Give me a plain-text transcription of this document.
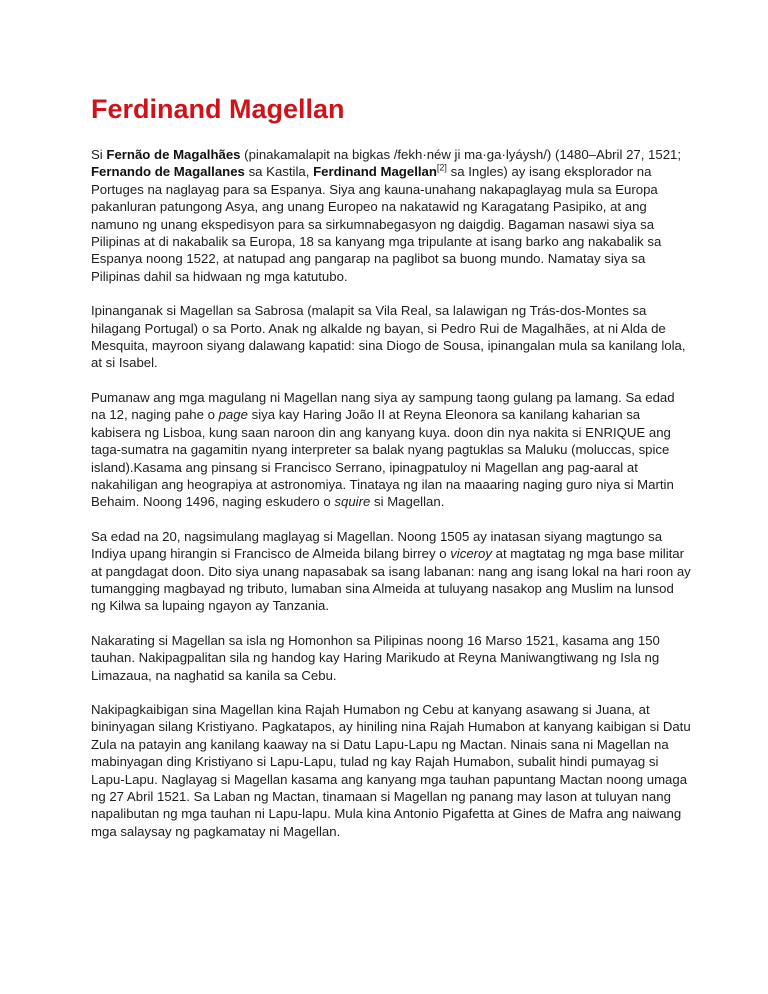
Ferdinand Magellan

Si Fernão de Magalhães (pinakamalapit na bigkas /fekh·néw ji ma·ga·lyáysh/) (1480–Abril 27, 1521; Fernando de Magallanes sa Kastila, Ferdinand Magellan[2] sa Ingles) ay isang eksplorador na Portuges na naglayag para sa Espanya. Siya ang kauna-unahang nakapaglayag mula sa Europa pakanluran patungong Asya, ang unang Europeo na nakatawid ng Karagatang Pasipiko, at ang namuno ng unang ekspedisyon para sa sirkumnabegasyon ng daigdig. Bagaman nasawi siya sa Pilipinas at di nakabalik sa Europa, 18 sa kanyang mga tripulante at isang barko ang nakabalik sa Espanya noong 1522, at natupad ang pangarap na paglibot sa buong mundo. Namatay siya sa Pilipinas dahil sa hidwaan ng mga katutubo.

Ipinanganak si Magellan sa Sabrosa (malapit sa Vila Real, sa lalawigan ng Trás-dos-Montes sa hilagang Portugal) o sa Porto. Anak ng alkalde ng bayan, si Pedro Rui de Magalhães, at ni Alda de Mesquita, mayroon siyang dalawang kapatid: sina Diogo de Sousa, ipinangalan mula sa kanilang lola, at si Isabel.

Pumanaw ang mga magulang ni Magellan nang siya ay sampung taong gulang pa lamang. Sa edad na 12, naging pahe o page siya kay Haring João II at Reyna Eleonora sa kanilang kaharian sa kabisera ng Lisboa, kung saan naroon din ang kanyang kuya. doon din nya nakita si ENRIQUE ang taga-sumatra na gagamitin nyang interpreter sa balak nyang pagtuklas sa Maluku (moluccas, spice island).Kasama ang pinsang si Francisco Serrano, ipinagpatuloy ni Magellan ang pag-aaral at nakahiligan ang heograpiya at astronomiya. Tinataya ng ilan na maaaring naging guro niya si Martin Behaim. Noong 1496, naging eskudero o squire si Magellan.

Sa edad na 20, nagsimulang maglayag si Magellan. Noong 1505 ay inatasan siyang magtungo sa Indiya upang hirangin si Francisco de Almeida bilang birrey o viceroy at magtatag ng mga base militar at pangdagat doon. Dito siya unang napasabak sa isang labanan: nang ang isang lokal na hari roon ay tumangging magbayad ng tributo, lumaban sina Almeida at tuluyang nasakop ang Muslim na lunsod ng Kilwa sa lupaing ngayon ay Tanzania.

Nakarating si Magellan sa isla ng Homonhon sa Pilipinas noong 16 Marso 1521, kasama ang 150 tauhan. Nakipagpalitan sila ng handog kay Haring Marikudo at Reyna Maniwangtiwang ng Isla ng Limazaua, na naghatid sa kanila sa Cebu.

Nakipagkaibigan sina Magellan kina Rajah Humabon ng Cebu at kanyang asawang si Juana, at bininyagan silang Kristiyano. Pagkatapos, ay hiniling nina Rajah Humabon at kanyang kaibigan si Datu Zula na patayin ang kanilang kaaway na si Datu Lapu-Lapu ng Mactan. Ninais sana ni Magellan na mabinyagan ding Kristiyano si Lapu-Lapu, tulad ng kay Rajah Humabon, subalit hindi pumayag si Lapu-Lapu. Naglayag si Magellan kasama ang kanyang mga tauhan papuntang Mactan noong umaga ng 27 Abril 1521. Sa Laban ng Mactan, tinamaan si Magellan ng panang may lason at tuluyan nang napalibutan ng mga tauhan ni Lapu-lapu. Mula kina Antonio Pigafetta at Gines de Mafra ang naiwang mga salaysay ng pagkamatay ni Magellan.
